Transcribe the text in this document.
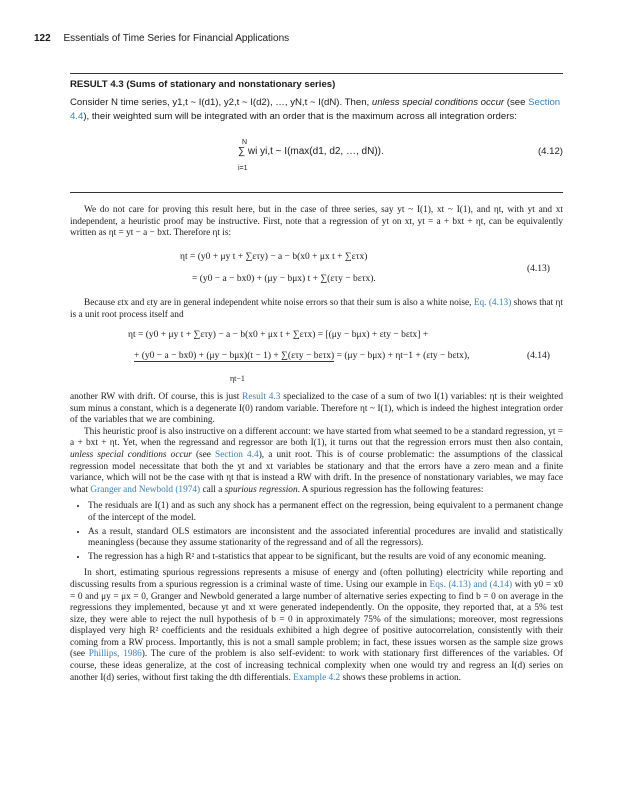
122 Essentials of Time Series for Financial Applications
RESULT 4.3 (Sums of stationary and nonstationary series)
Consider N time series, y1,t ~ I(d1), y2,t ~ I(d2), …, yN,t ~ I(dN). Then, unless special conditions occur (see Section 4.4), their weighted sum will be integrated with an order that is the maximum across all integration orders:
N
i=1
∑ wi yi,t ~ I(max(d1, d2, …, dN)).	(4.12)

We do not care for proving this result here, but in the case of three series, say yt ~ I(1), xt ~ I(1), and ηt, with yt and xt independent, a heuristic proof may be instructive. First, note that a regression of yt on xt, yt = a + bxt + ηt, can be equivalently written as ηt = yt − a − bxt. Therefore ηt is:

ηt = (y0 + μy t + ∑ετy) − a − b(x0 + μx t + ∑ετx)
= (y0 − a − bx0) + (μy − bμx) t + ∑(ετy − bετx).
(4.13)

Because εtx and εty are in general independent white noise errors so that their sum is also a white noise, Eq. (4.13) shows that ηt is a unit root process itself and

ηt = (y0 + μy t + ∑ετy) − a − b(x0 + μx t + ∑ετx) = [(μy − bμx) + εty − bεtx] +
+ (y0 − a − bx0) + (μy − bμx)(t − 1) + ∑(ετy − bετx) = (μy − bμx) + ηt−1 + (εty − bεtx),
ηt−1
(4.14)

another RW with drift. Of course, this is just Result 4.3 specialized to the case of a sum of two I(1) variables: ηt is their weighted sum minus a constant, which is a degenerate I(0) random variable. Therefore ηt ~ I(1), which is indeed the highest integration order of the variables that we are combining.

This heuristic proof is also instructive on a different account: we have started from what seemed to be a standard regression, yt = a + bxt + ηt. Yet, when the regressand and regressor are both I(1), it turns out that the regression errors must then also contain, unless special conditions occur (see Section 4.4), a unit root. This is of course problematic: the assumptions of the classical regression model necessitate that both the yt and xt variables be stationary and that the errors have a zero mean and a finite variance, which will not be the case with ηt that is instead a RW with drift. In the presence of nonstationary variables, we may face what Granger and Newbold (1974) call a spurious regression. A spurious regression has the following features:

• The residuals are I(1) and as such any shock has a permanent effect on the regression, being equivalent to a permanent change of the intercept of the model.
• As a result, standard OLS estimators are inconsistent and the associated inferential procedures are invalid and statistically meaningless (because they assume stationarity of the regressand and of all the regressors).
• The regression has a high R² and t-statistics that appear to be significant, but the results are void of any economic meaning.

In short, estimating spurious regressions represents a misuse of energy and (often polluting) electricity while reporting and discussing results from a spurious regression is a criminal waste of time. Using our example in Eqs. (4.13) and (4.14) with y0 = x0 = 0 and μy = μx = 0, Granger and Newbold generated a large number of alternative series expecting to find b = 0 on average in the regressions they implemented, because yt and xt were generated independently. On the opposite, they reported that, at a 5% test size, they were able to reject the null hypothesis of b = 0 in approximately 75% of the simulations; moreover, most regressions displayed very high R² coefficients and the residuals exhibited a high degree of positive autocorrelation, consistently with their coming from a RW process. Importantly, this is not a small sample problem; in fact, these issues worsen as the sample size grows (see Phillips, 1986). The cure of the problem is also self-evident: to work with stationary first differences of the variables. Of course, these ideas generalize, at the cost of increasing technical complexity when one would try and regress an I(d) series on another I(d) series, without first taking the dth differentials. Example 4.2 shows these problems in action.
